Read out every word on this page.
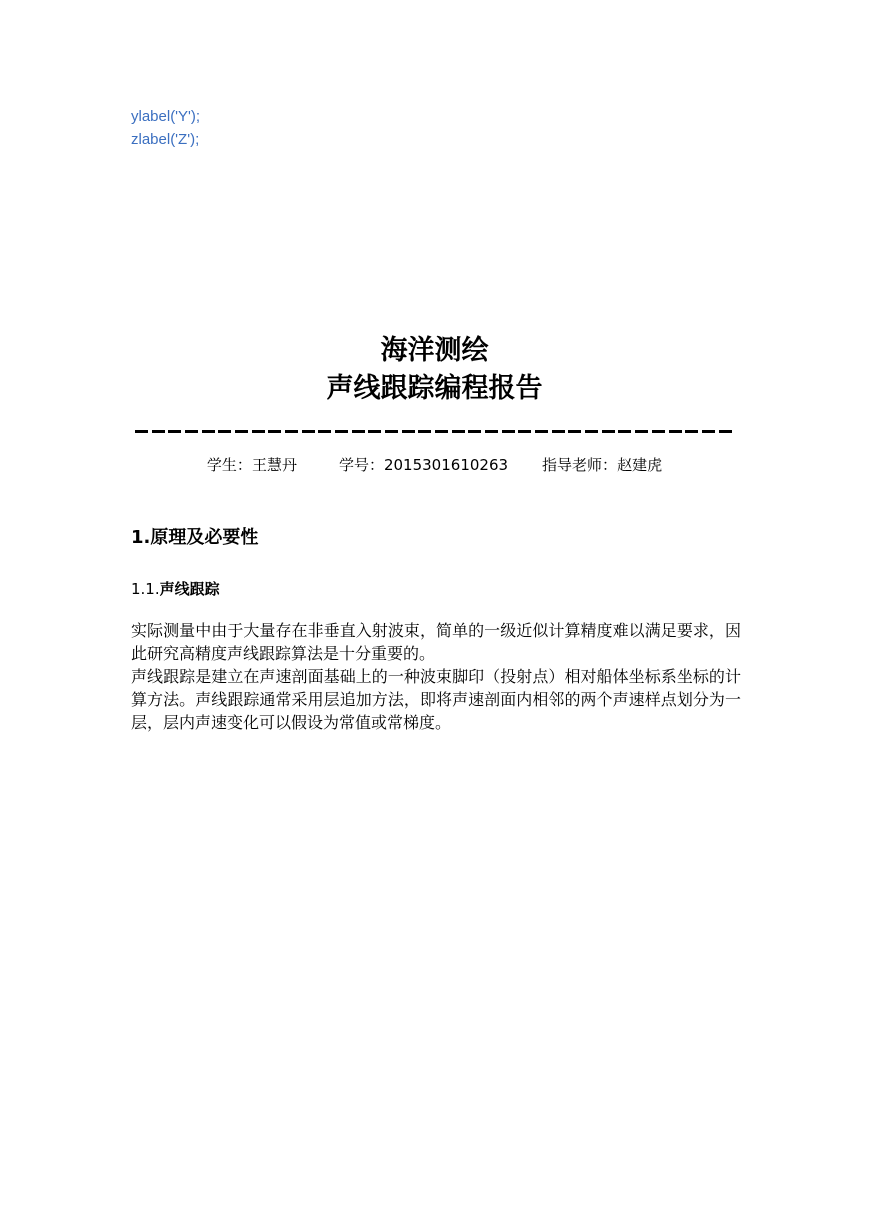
ylabel('Y');
zlabel('Z');
海洋测绘
声线跟踪编程报告
学生：王慧丹	学号：2015301610263 指导老师：赵建虎
1.原理及必要性
1.1.声线跟踪

实际测量中由于大量存在非垂直入射波束，简单的一级近似计算精度难以满足要求，因此研究高精度声线跟踪算法是十分重要的。

声线跟踪是建立在声速剖面基础上的一种波束脚印（投射点）相对船体坐标系坐标的计算方法。声线跟踪通常采用层追加方法，即将声速剖面内相邻的两个声速样点划分为一层，层内声速变化可以假设为常值或常梯度。
